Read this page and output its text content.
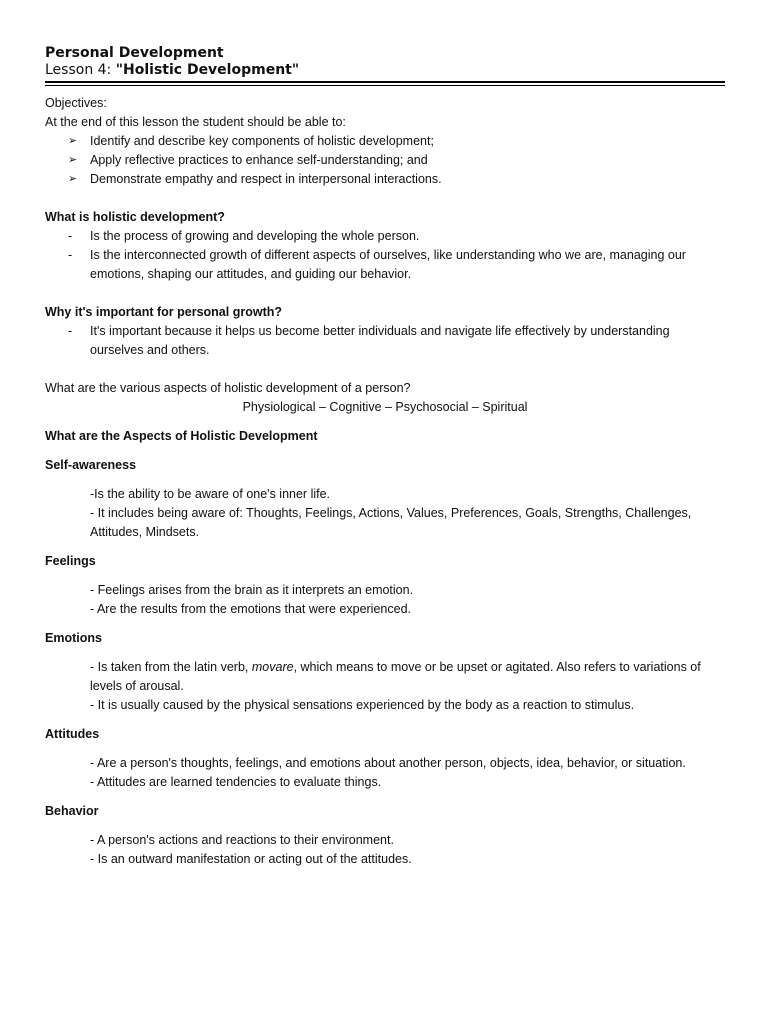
Personal Development
Lesson 4: "Holistic Development"

Objectives:

At the end of this lesson the student should be able to:

➢ Identify and describe key components of holistic development;
➢ Apply reflective practices to enhance self-understanding; and
➢ Demonstrate empathy and respect in interpersonal interactions.

What is holistic development?

- Is the process of growing and developing the whole person.
- Is the interconnected growth of different aspects of ourselves, like understanding who we are, managing our emotions, shaping our attitudes, and guiding our behavior.

Why it's important for personal growth?

- It's important because it helps us become better individuals and navigate life effectively by understanding ourselves and others.

What are the various aspects of holistic development of a person?

Physiological – Cognitive – Psychosocial – Spiritual

What are the Aspects of Holistic Development

Self-awareness

-Is the ability to be aware of one's inner life.

- It includes being aware of: Thoughts, Feelings, Actions, Values, Preferences, Goals, Strengths, Challenges, Attitudes, Mindsets.

Feelings

- Feelings arises from the brain as it interprets an emotion.

- Are the results from the emotions that were experienced.

Emotions

- Is taken from the latin verb, movare, which means to move or be upset or agitated. Also refers to variations of levels of arousal.

- It is usually caused by the physical sensations experienced by the body as a reaction to stimulus.

Attitudes

- Are a person's thoughts, feelings, and emotions about another person, objects, idea, behavior, or situation.

- Attitudes are learned tendencies to evaluate things.

Behavior

- A person's actions and reactions to their environment.

- Is an outward manifestation or acting out of the attitudes.
